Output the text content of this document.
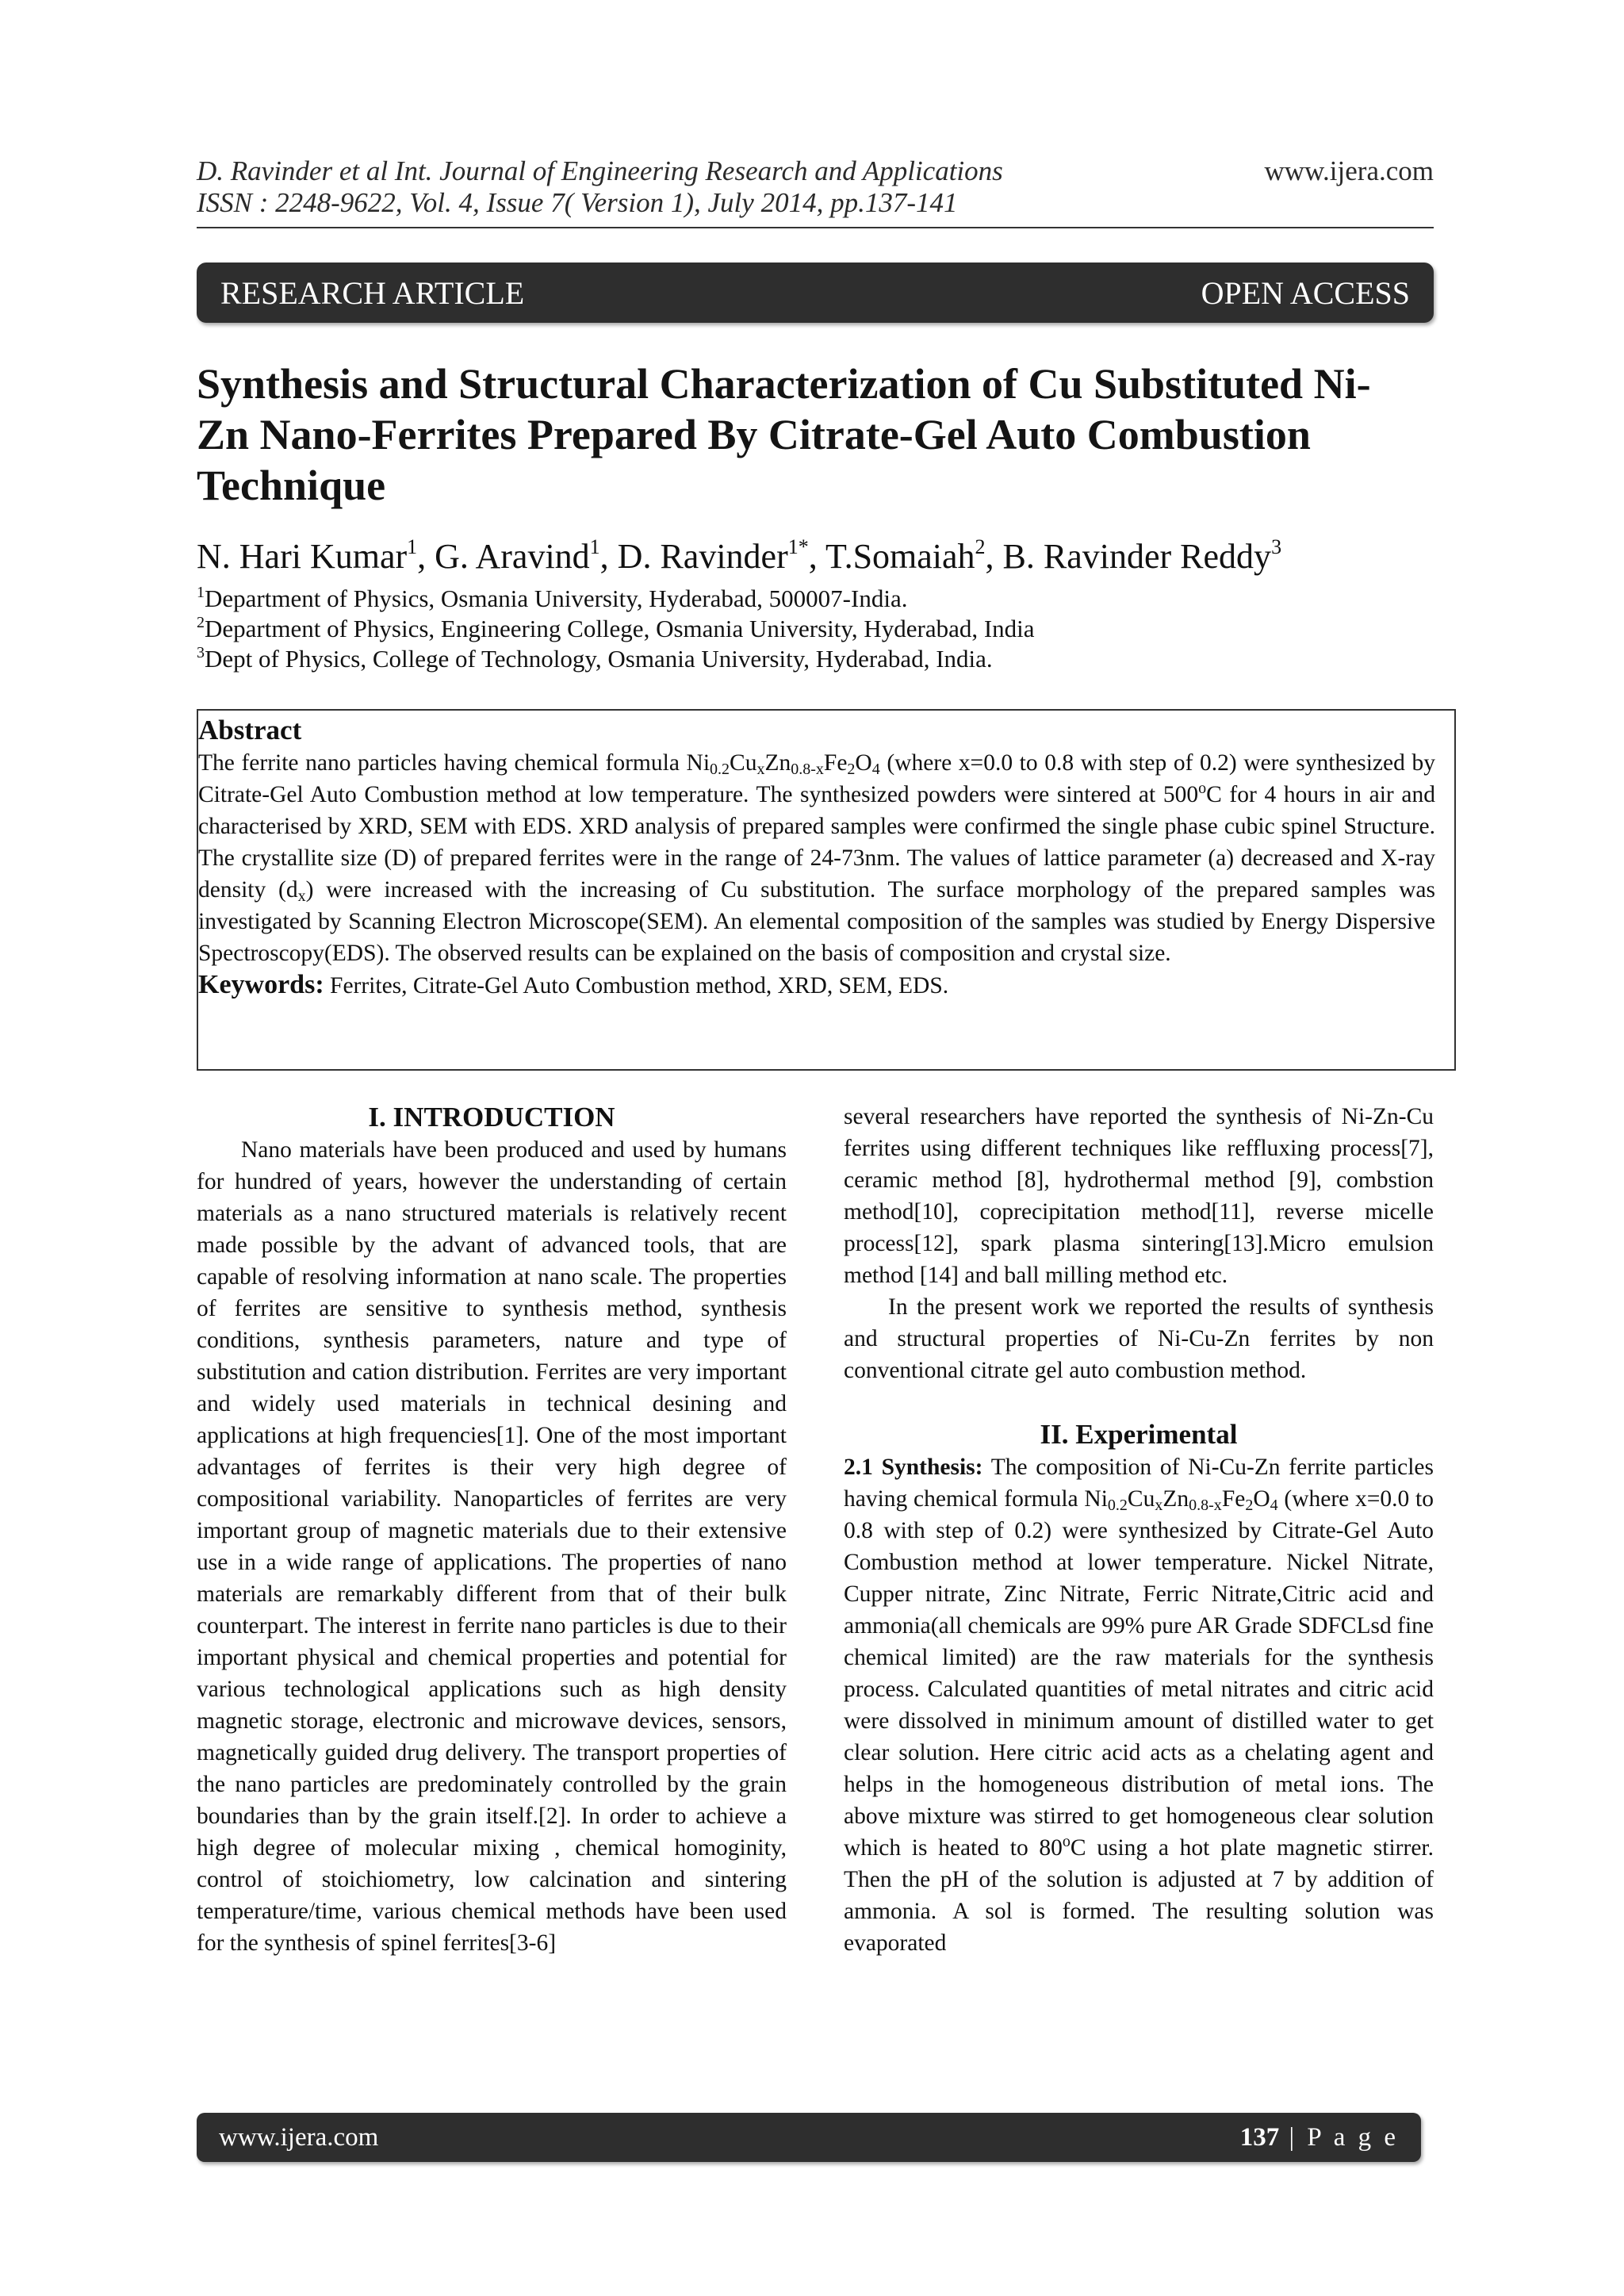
D. Ravinder et al Int. Journal of Engineering Research and Applications	www.ijera.com
ISSN : 2248-9622, Vol. 4, Issue 7( Version 1), July 2014, pp.137-141
RESEARCH ARTICLE	OPEN ACCESS
Synthesis and Structural Characterization of Cu Substituted Ni-
Zn Nano-Ferrites Prepared By Citrate-Gel Auto Combustion
Technique
N. Hari Kumar$^1$, G. Aravind$^1$, D. Ravinder$^{1*}$, T.Somaiah$^2$, B. Ravinder Reddy$^3$
$^1$Department of Physics, Osmania University, Hyderabad, 500007-India.
$^2$Department of Physics, Engineering College, Osmania University, Hyderabad, India
$^3$Dept of Physics, College of Technology, Osmania University, Hyderabad, India.
Abstract
The ferrite nano particles having chemical formula $Ni_{0.2}Cu_xZn_{0.8-x}Fe_2O_4$ (where x=0.0 to 0.8 with step of 0.2) were synthesized by Citrate-Gel Auto Combustion method at low temperature. The synthesized powders were sintered at 500$^o$C for 4 hours in air and characterised by XRD, SEM with EDS. XRD analysis of prepared samples were confirmed the single phase cubic spinel Structure. The crystallite size (D) of prepared ferrites were in the range of 24-73nm. The values of lattice parameter (a) decreased and X-ray density $(d_x)$ were increased with the increasing of Cu substitution. The surface morphology of the prepared samples was investigated by Scanning Electron Microscope(SEM). An elemental composition of the samples was studied by Energy Dispersive Spectroscopy(EDS). The observed results can be explained on the basis of composition and crystal size.
Keywords: Ferrites, Citrate-Gel Auto Combustion method, XRD, SEM, EDS.
I. INTRODUCTION

Nano materials have been produced and used by humans for hundred of years, however the understanding of certain materials as a nano structured materials is relatively recent made possible by the advant of advanced tools, that are capable of resolving information at nano scale. The properties of ferrites are sensitive to synthesis method, synthesis conditions, synthesis parameters, nature and type of substitution and cation distribution. Ferrites are very important and widely used materials in technical desining and applications at high frequencies[1]. One of the most important advantages of ferrites is their very high degree of compositional variability. Nanoparticles of ferrites are very important group of magnetic materials due to their extensive use in a wide range of applications. The properties of nano materials are remarkably different from that of their bulk counterpart. The interest in ferrite nano particles is due to their important physical and chemical properties and potential for various technological applications such as high density magnetic storage, electronic and microwave devices, sensors, magnetically guided drug delivery. The transport properties of the nano particles are predominately controlled by the grain boundaries than by the grain itself.[2]. In order to achieve a high degree of molecular mixing , chemical homoginity, control of stoichiometry, low calcination and sintering temperature/time, various chemical methods have been used for the synthesis of spinel ferrites[3-6]

several researchers have reported the synthesis of Ni-Zn-Cu ferrites using different techniques like reffluxing process[7], ceramic method [8], hydrothermal method [9], combstion method[10], coprecipitation method[11], reverse micelle process[12], spark plasma sintering[13].Micro emulsion method [14] and ball milling method etc.

In the present work we reported the results of synthesis and structural properties of Ni-Cu-Zn ferrites by non conventional citrate gel auto combustion method.

II. Experimental

2.1 Synthesis: The composition of Ni-Cu-Zn ferrite particles having chemical formula $Ni_{0.2}Cu_xZn_{0.8-x}Fe_2O_4$ (where x=0.0 to 0.8 with step of 0.2) were synthesized by Citrate-Gel Auto Combustion method at lower temperature. Nickel Nitrate, Cupper nitrate, Zinc Nitrate, Ferric Nitrate,Citric acid and ammonia(all chemicals are 99% pure AR Grade SDFCLsd fine chemical limited) are the raw materials for the synthesis process. Calculated quantities of metal nitrates and citric acid were dissolved in minimum amount of distilled water to get clear solution. Here citric acid acts as a chelating agent and helps in the homogeneous distribution of metal ions. The above mixture was stirred to get homogeneous clear solution which is heated to 80$^o$C using a hot plate magnetic stirrer. Then the pH of the solution is adjusted at 7 by addition of ammonia. A sol is formed. The resulting solution was evaporated

www.ijera.com	137 | P a g e
